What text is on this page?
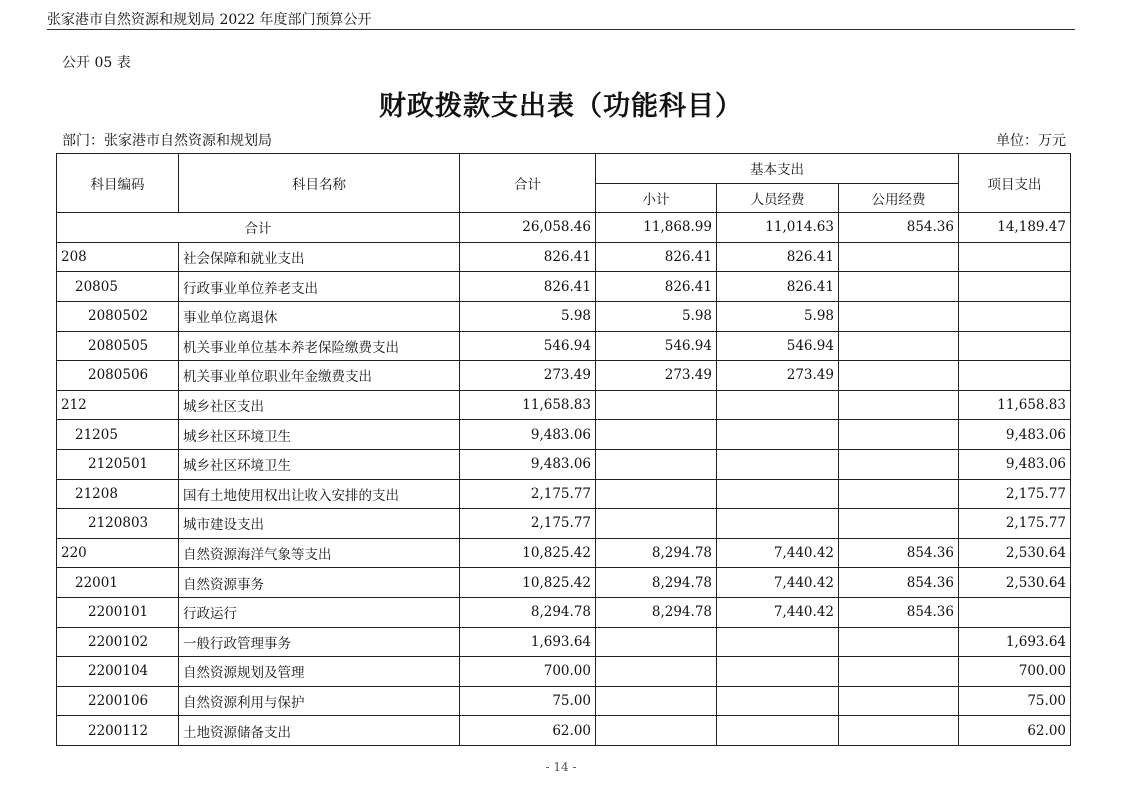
张家港市自然资源和规划局 2022 年度部门预算公开
公开 05 表
财政拨款支出表（功能科目）
部门：张家港市自然资源和规划局	单位：万元
科目编码	科目名称	合计	基本支出			项目支出
			小计	人员经费	公用经费	
合计		26,058.46	11,868.99	11,014.63	854.36	14,189.47
208	社会保障和就业支出	826.41	826.41	826.41		
20805	行政事业单位养老支出	826.41	826.41	826.41		
2080502	事业单位离退休	5.98	5.98	5.98		
2080505	机关事业单位基本养老保险缴费支出	546.94	546.94	546.94		
2080506	机关事业单位职业年金缴费支出	273.49	273.49	273.49		
212	城乡社区支出	11,658.83				11,658.83
21205	城乡社区环境卫生	9,483.06				9,483.06
2120501	城乡社区环境卫生	9,483.06				9,483.06
21208	国有土地使用权出让收入安排的支出	2,175.77				2,175.77
2120803	城市建设支出	2,175.77				2,175.77
220	自然资源海洋气象等支出	10,825.42	8,294.78	7,440.42	854.36	2,530.64
22001	自然资源事务	10,825.42	8,294.78	7,440.42	854.36	2,530.64
2200101	行政运行	8,294.78	8,294.78	7,440.42	854.36	
2200102	一般行政管理事务	1,693.64				1,693.64
2200104	自然资源规划及管理	700.00				700.00
2200106	自然资源利用与保护	75.00				75.00
2200112	土地资源储备支出	62.00				62.00
- 14 -
